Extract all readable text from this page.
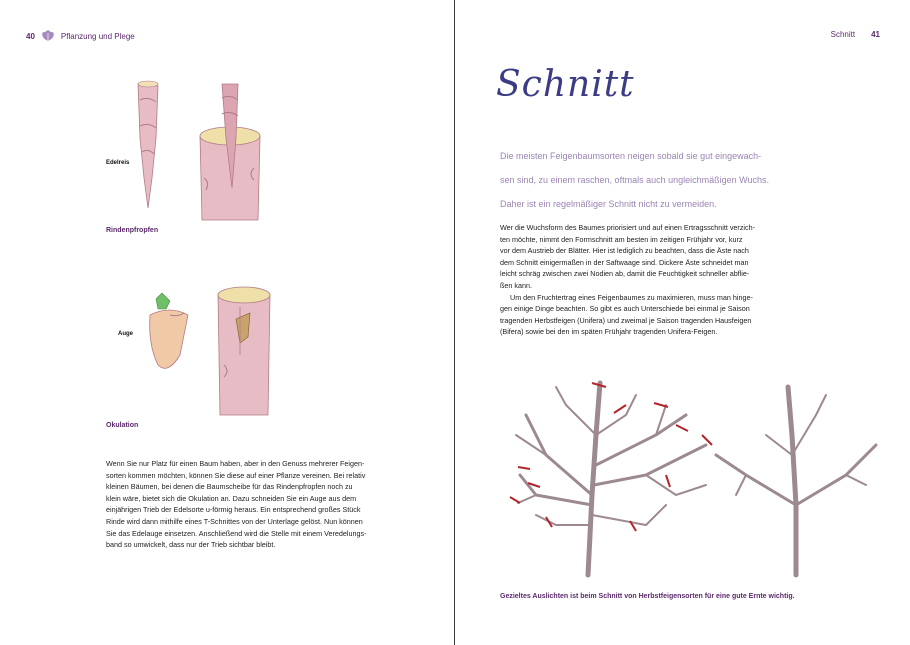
40	Pflanzung und Plege
Edelreis
Rindenpfropfen
Auge
Okulation

Wenn Sie nur Platz für einen Baum haben, aber in den Genuss mehrerer Feigen-

sorten kommen möchten, können Sie diese auf einer Pflanze vereinen. Bei relativ

kleinen Bäumen, bei denen die Baumscheibe für das Rindenpfropfen noch zu

klein wäre, bietet sich die Okulation an. Dazu schneiden Sie ein Auge aus dem

einjährigen Trieb der Edelsorte u-förmig heraus. Ein entsprechend großes Stück

Rinde wird dann mithilfe eines T-Schnittes von der Unterlage gelöst. Nun können

Sie das Edelauge einsetzen. Anschließend wird die Stelle mit einem Veredelungs-

band so umwickelt, dass nur der Trieb sichtbar bleibt.

Schnitt 41
Schnitt

Die meisten Feigenbaumsorten neigen sobald sie gut eingewach-

sen sind, zu einem raschen, oftmals auch ungleichmäßigen Wuchs.

Daher ist ein regelmäßiger Schnitt nicht zu vermeiden.

Wer die Wuchsform des Baumes priorisiert und auf einen Ertragsschnitt verzich-

ten möchte, nimmt den Formschnitt am besten im zeitigen Frühjahr vor, kurz

vor dem Austrieb der Blätter. Hier ist lediglich zu beachten, dass die Äste nach

dem Schnitt einigermaßen in der Saftwaage sind. Dickere Äste schneidet man

leicht schräg zwischen zwei Nodien ab, damit die Feuchtigkeit schneller abflie-

ßen kann.

Um den Fruchtertrag eines Feigenbaumes zu maximieren, muss man hinge-

gen einige Dinge beachten. So gibt es auch Unterschiede bei einmal je Saison

tragenden Herbstfeigen (Unifera) und zweimal je Saison tragenden Hausfeigen

(Bifera) sowie bei den im späten Frühjahr tragenden Unifera-Feigen.

Gezieltes Auslichten ist beim Schnitt von Herbstfeigensorten für eine gute Ernte wichtig.
